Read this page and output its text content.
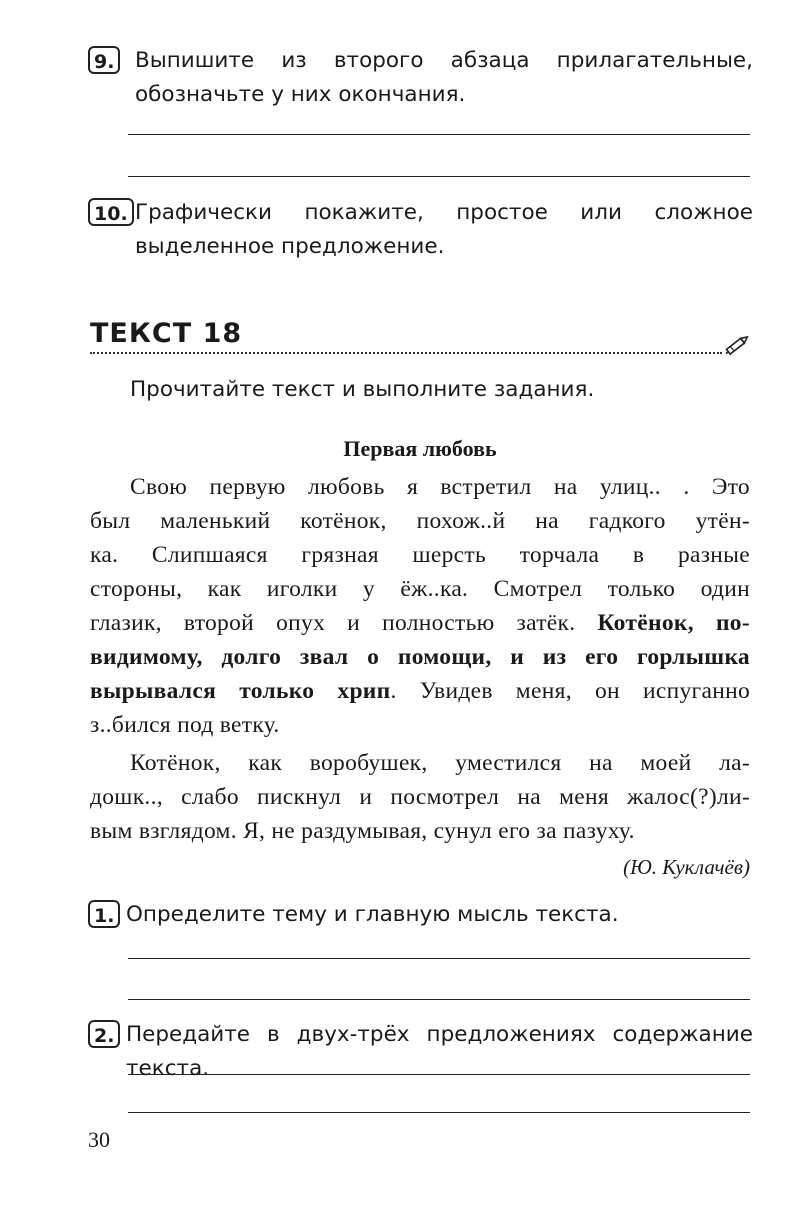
9. Выпишите из второго абзаца прилагательные, обозначьте у них окончания.
10. Графически покажите, простое или сложное выделенное предложение.
ТЕКСТ 18
Прочитайте текст и выполните задания.
Первая любовь
Свою первую любовь я встретил на улиц.. . Это
был маленький котёнок, похож..й на гадкого утён-
ка. Слипшаяся грязная шерсть торчала в разные
стороны, как иголки у ёж..ка. Смотрел только один
глазик, второй опух и полностью затёк. Котёнок, по-
видимому, долго звал о помощи, и из его горлышка
вырывался только хрип. Увидев меня, он испуганно
з..бился под ветку.
Котёнок, как воробушек, уместился на моей ла-
дошк.., слабо пискнул и посмотрел на меня жалос(?)ли-
вым взглядом. Я, не раздумывая, сунул его за пазуху.
(Ю. Куклачёв)
1. Определите тему и главную мысль текста.
2. Передайте в двух-трёх предложениях содержание текста.
30
